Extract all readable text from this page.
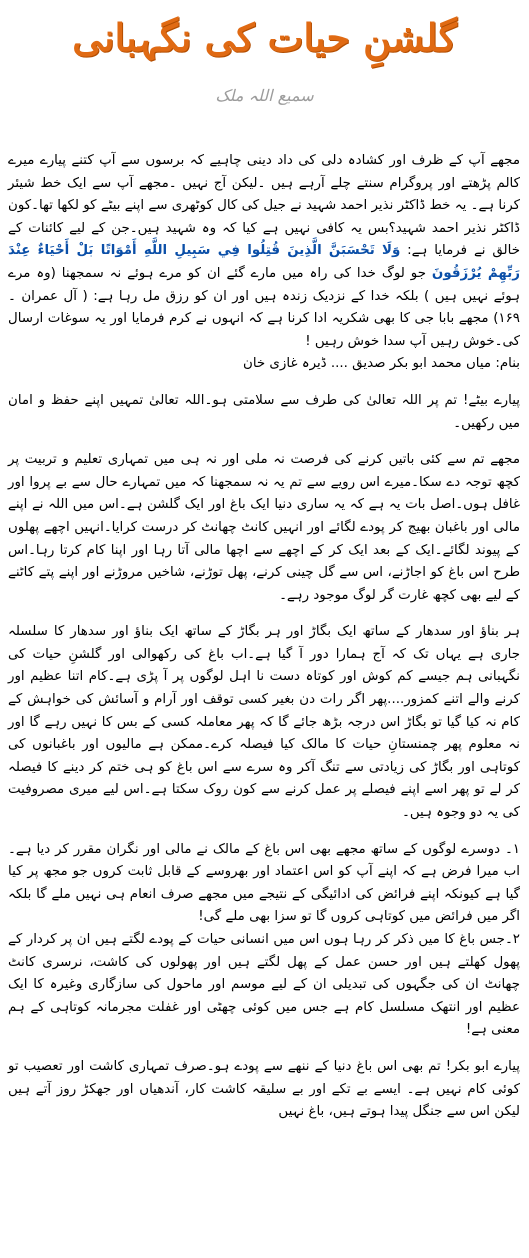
گلشنِ حیات کی نگہبانی
سمیع اللہ ملک

مجھے آپ کے ظرف اور کشادہ دلی کی داد دینی چاہیے کہ برسوں سے آپ کتنے پیارے میرے کالم پڑھتے اور پروگرام سنتے چلے آرہے ہیں ۔لیکن آج نہیں ۔مجھے آپ سے ایک خط شیئر کرنا ہے۔ یہ خط ڈاکٹر نذیر احمد شہید نے جیل کی کال کوٹھری سے اپنے بیٹے کو لکھا تھا۔کون ڈاکٹر نذیر احمد شہید؟بس یہ کافی نہیں ہے کیا کہ وہ شہید ہیں۔جن کے لیے کائنات کے خالق نے فرمایا ہے: وَلَا تَحْسَبَنَّ الَّذِينَ قُتِلُوا فِي سَبِيلِ اللَّهِ أَمْوَاتًا بَلْ أَحْيَاءٌ عِنْدَ رَبِّهِمْ يُرْزَقُونَ جو لوگ خدا کی راہ میں مارے گئے ان کو مرے ہوئے نہ سمجھنا (وہ مرے ہوئے نہیں ہیں ) بلکہ خدا کے نزدیک زندہ ہیں اور ان کو رزق مل رہا ہے: ( آل عمران ۔۱۶۹) مجھے بابا جی کا بھی شکریہ ادا کرنا ہے کہ انہوں نے کرم فرمایا اور یہ سوغات ارسال کی۔خوش رہیں آپ سدا خوش رہیں !

بنام: میاں محمد ابو بکر صدیق .... ڈیرہ غازی خان

پیارے بیٹے! تم پر اللہ تعالیٰ کی طرف سے سلامتی ہو۔اللہ تعالیٰ تمہیں اپنے حفظ و امان میں رکھیں۔

مجھے تم سے کئی باتیں کرنے کی فرصت نہ ملی اور نہ ہی میں تمہاری تعلیم و تربیت پر کچھ توجہ دے سکا۔میرے اس رویے سے تم یہ نہ سمجھنا کہ میں تمہارے حال سے بے پروا اور غافل ہوں۔اصل بات یہ ہے کہ یہ ساری دنیا ایک باغ اور ایک گلشن ہے۔اس میں اللہ نے اپنے مالی اور باغبان بھیج کر پودے لگائے اور انہیں کانٹ چھانٹ کر درست کرایا۔انہیں اچھے پھلوں کے پیوند لگائے۔ایک کے بعد ایک کر کے اچھے سے اچھا مالی آتا رہا اور اپنا کام کرتا رہا۔اس طرح اس باغ کو اجاڑنے، اس سے گل چینی کرنے، پھل توڑنے، شاخیں مروڑنے اور اپنے پتے کاٹنے کے لیے بھی کچھ غارت گر لوگ موجود رہے۔

ہر بناؤ اور سدھار کے ساتھ ایک بگاڑ اور ہر بگاڑ کے ساتھ ایک بناؤ اور سدھار کا سلسلہ جاری ہے یہاں تک کہ آج ہمارا دور آ گیا ہے۔اب باغ کی رکھوالی اور گلشنِ حیات کی نگہبانی ہم جیسے کم کوش اور کوتاہ دست نا اہل لوگوں پر آ پڑی ہے۔کام اتنا عظیم اور کرنے والے اتنے کمزور....پھر اگر رات دن بغیر کسی توقف اور آرام و آسائش کی خواہش کے کام نہ کیا گیا تو بگاڑ اس درجہ بڑھ جائے گا کہ پھر معاملہ کسی کے بس کا نہیں رہے گا اور نہ معلوم پھر چمنستانِ حیات کا مالک کیا فیصلہ کرے۔ممکن ہے مالیوں اور باغبانوں کی کوتاہی اور بگاڑ کی زیادتی سے تنگ آکر وہ سرے سے اس باغ کو ہی ختم کر دینے کا فیصلہ کر لے تو پھر اسے اپنے فیصلے پر عمل کرنے سے کون روک سکتا ہے۔اس لیے میری مصروفیت کی یہ دو وجوہ ہیں۔

۱۔ دوسرے لوگوں کے ساتھ مجھے بھی اس باغ کے مالک نے مالی اور نگران مقرر کر دیا ہے۔اب میرا فرض ہے کہ اپنے آپ کو اس اعتماد اور بھروسے کے قابل ثابت کروں جو مجھ پر کیا گیا ہے کیونکہ اپنے فرائض کی ادائیگی کے نتیجے میں مجھے صرف انعام ہی نہیں ملے گا بلکہ اگر میں فرائض میں کوتاہی کروں گا تو سزا بھی ملے گی!

۲۔جس باغ کا میں ذکر کر رہا ہوں اس میں انسانی حیات کے پودے لگتے ہیں ان پر کردار کے پھول کھلتے ہیں اور حسن عمل کے پھل لگتے ہیں اور پھولوں کی کاشت، نرسری کانٹ چھانٹ ان کی جگہوں کی تبدیلی ان کے لیے موسم اور ماحول کی سازگاری وغیرہ کا ایک عظیم اور انتھک مسلسل کام ہے جس میں کوئی چھٹی اور غفلت مجرمانہ کوتاہی کے ہم معنی ہے!

پیارے ابو بکر! تم بھی اس باغ دنیا کے ننھے سے پودے ہو۔صرف تمہاری کاشت اور تعصیب تو کوئی کام نہیں ہے۔ ایسے بے تکے اور بے سلیقہ کاشت کار، آندھیاں اور جھکڑ روز آتے ہیں لیکن اس سے جنگل پیدا ہوتے ہیں، باغ نہیں
